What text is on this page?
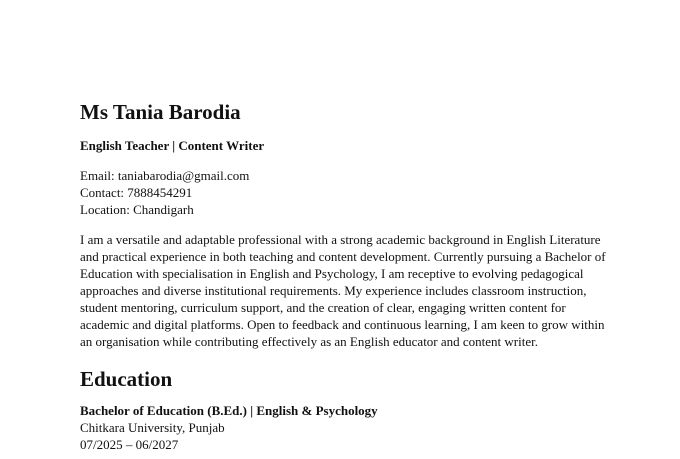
Ms Tania Barodia
English Teacher | Content Writer
Email: taniabarodia@gmail.com
Contact: 7888454291
Location: Chandigarh

I am a versatile and adaptable professional with a strong academic background in English Literature and practical experience in both teaching and content development. Currently pursuing a Bachelor of Education with specialisation in English and Psychology, I am receptive to evolving pedagogical approaches and diverse institutional requirements. My experience includes classroom instruction, student mentoring, curriculum support, and the creation of clear, engaging written content for academic and digital platforms. Open to feedback and continuous learning, I am keen to grow within an organisation while contributing effectively as an English educator and content writer.

Education
Bachelor of Education (B.Ed.) | English & Psychology
Chitkara University, Punjab
07/2025 – 06/2027
